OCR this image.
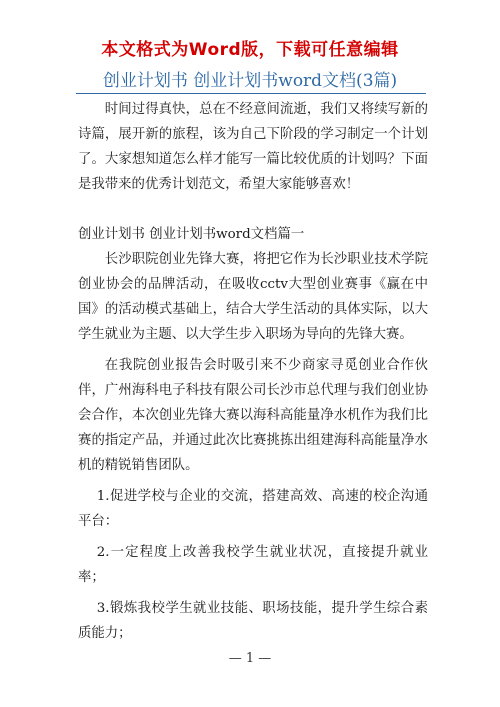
本文格式为Word版，下载可任意编辑
创业计划书 创业计划书word文档(3篇)

时间过得真快，总在不经意间流逝，我们又将续写新的诗篇，展开新的旅程，该为自己下阶段的学习制定一个计划了。大家想知道怎么样才能写一篇比较优质的计划吗？下面是我带来的优秀计划范文，希望大家能够喜欢！

创业计划书 创业计划书word文档篇一

长沙职院创业先锋大赛，将把它作为长沙职业技术学院创业协会的品牌活动，在吸收cctv大型创业赛事《赢在中国》的活动模式基础上，结合大学生活动的具体实际，以大学生就业为主题、以大学生步入职场为导向的先锋大赛。

在我院创业报告会时吸引来不少商家寻觅创业合作伙伴，广州海科电子科技有限公司长沙市总代理与我们创业协会合作，本次创业先锋大赛以海科高能量净水机作为我们比赛的指定产品，并通过此次比赛挑拣出组建海科高能量净水机的精锐销售团队。

1.促进学校与企业的交流，搭建高效、高速的校企沟通平台：

2.一定程度上改善我校学生就业状况，直接提升就业率；

3.锻炼我校学生就业技能、职场技能，提升学生综合素质能力；

— 1 —
